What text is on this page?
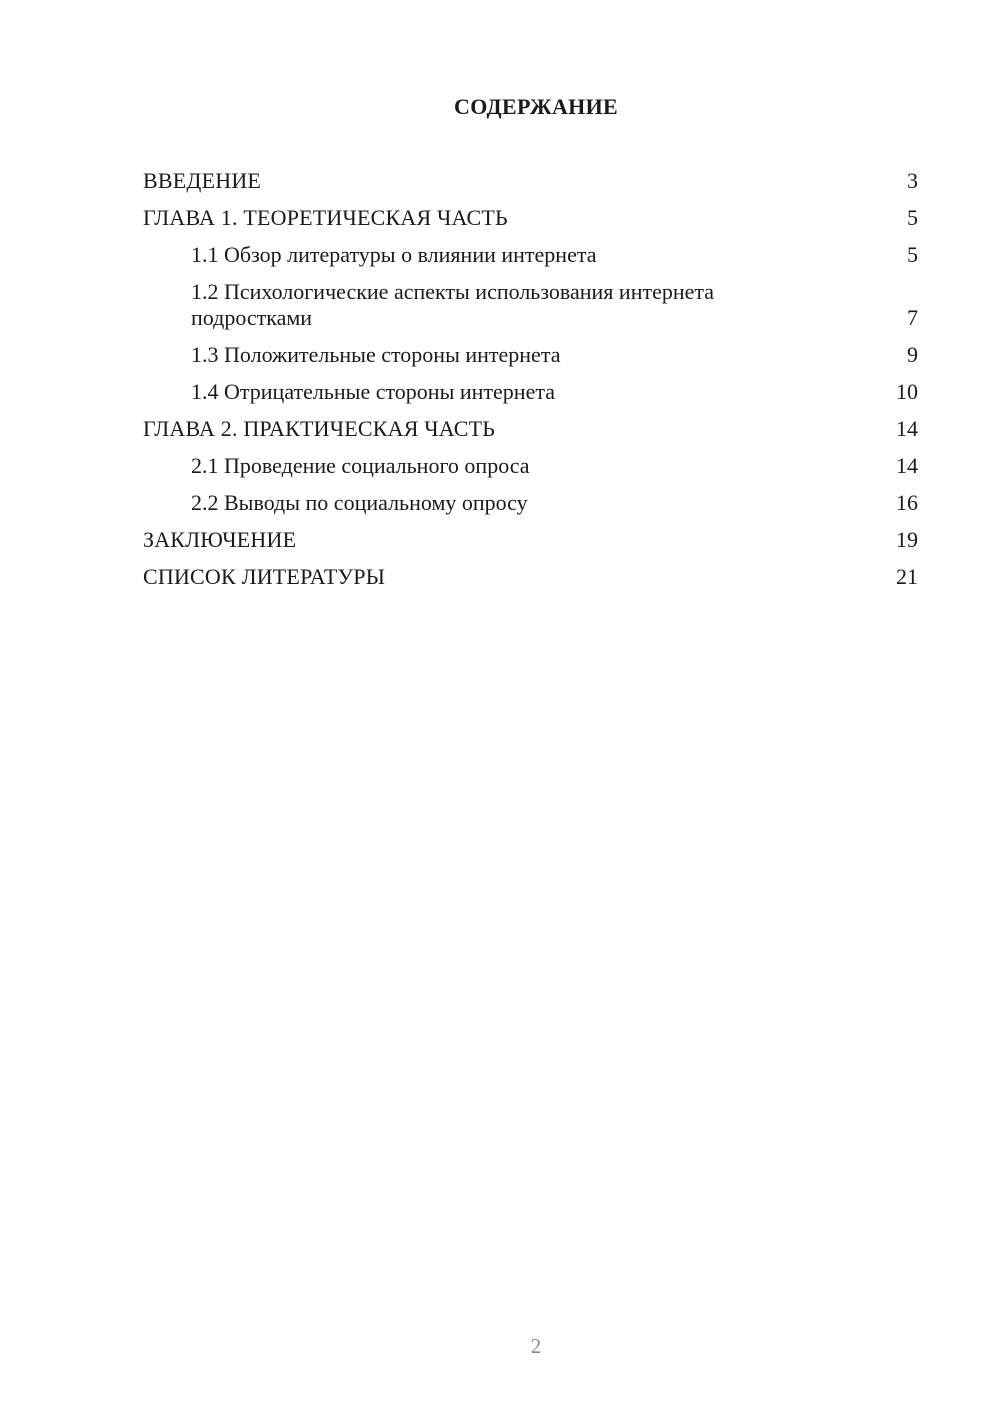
СОДЕРЖАНИЕ
ВВЕДЕНИЕ	3
ГЛАВА 1. ТЕОРЕТИЧЕСКАЯ ЧАСТЬ	5
1.1 Обзор литературы о влиянии интернета	5
1.2 Психологические аспекты использования интернета подростками	7
1.3 Положительные стороны интернета	9
1.4 Отрицательные стороны интернета	10
ГЛАВА 2. ПРАКТИЧЕСКАЯ ЧАСТЬ	14
2.1 Проведение социального опроса	14
2.2 Выводы по социальному опросу	16
ЗАКЛЮЧЕНИЕ	19
СПИСОК ЛИТЕРАТУРЫ	21
2
